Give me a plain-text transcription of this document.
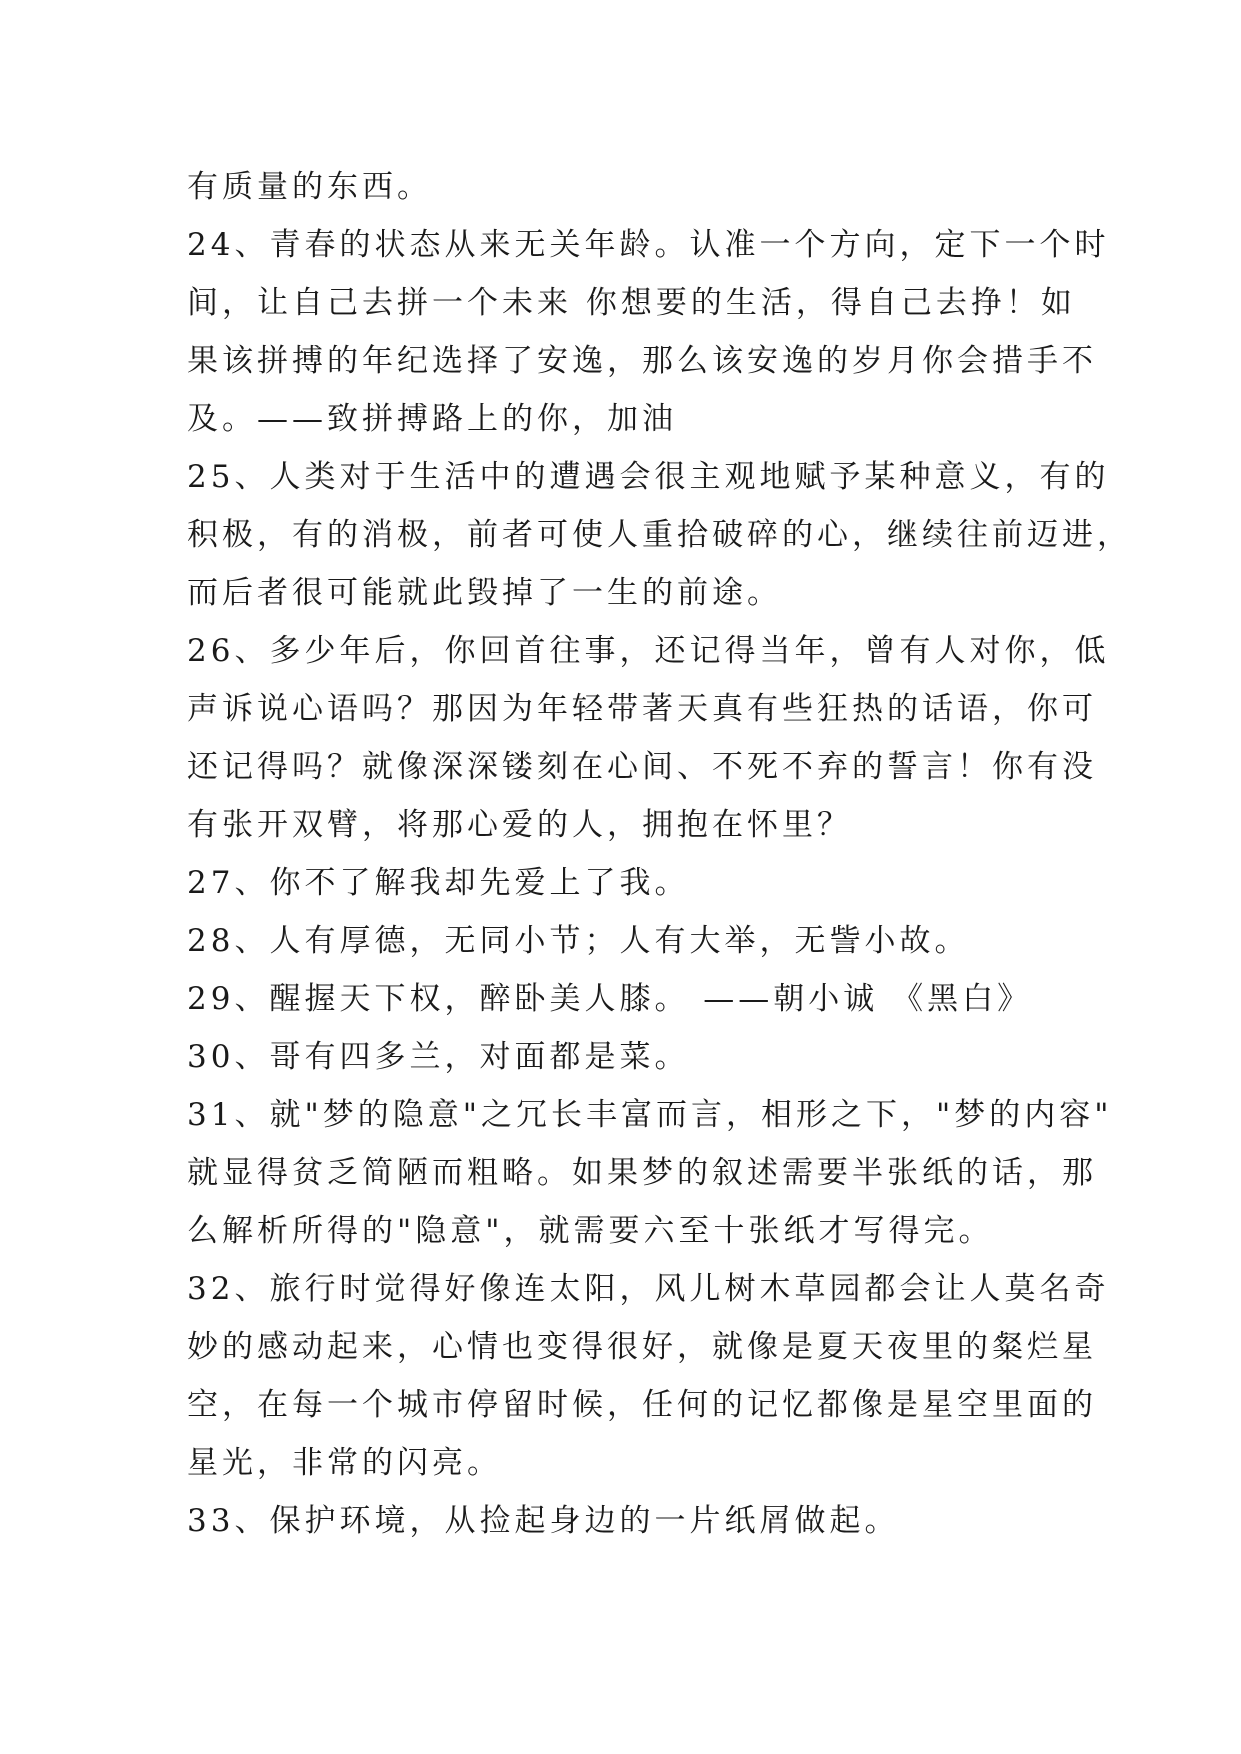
有质量的东西。
24、青春的状态从来无关年龄。认准一个方向，定下一个时
间，让自己去拼一个未来 你想要的生活，得自己去挣！如
果该拼搏的年纪选择了安逸，那么该安逸的岁月你会措手不
及。——致拼搏路上的你，加油
25、人类对于生活中的遭遇会很主观地赋予某种意义，有的
积极，有的消极，前者可使人重拾破碎的心，继续往前迈进，
而后者很可能就此毁掉了一生的前途。
26、多少年后，你回首往事，还记得当年，曾有人对你，低
声诉说心语吗？那因为年轻带著天真有些狂热的话语，你可
还记得吗？就像深深镂刻在心间、不死不弃的誓言！你有没
有张开双臂，将那心爱的人，拥抱在怀里？
27、你不了解我却先爱上了我。
28、人有厚德，无同小节；人有大举，无訾小故。
29、醒握天下权，醉卧美人膝。 ——朝小诚 《黑白》
30、哥有四多兰，对面都是菜。
31、就"梦的隐意"之冗长丰富而言，相形之下，"梦的内容"
就显得贫乏简陋而粗略。如果梦的叙述需要半张纸的话，那
么解析所得的"隐意"，就需要六至十张纸才写得完。
32、旅行时觉得好像连太阳，风儿树木草园都会让人莫名奇
妙的感动起来，心情也变得很好，就像是夏天夜里的粲烂星
空，在每一个城市停留时候，任何的记忆都像是星空里面的
星光，非常的闪亮。
33、保护环境，从捡起身边的一片纸屑做起。
